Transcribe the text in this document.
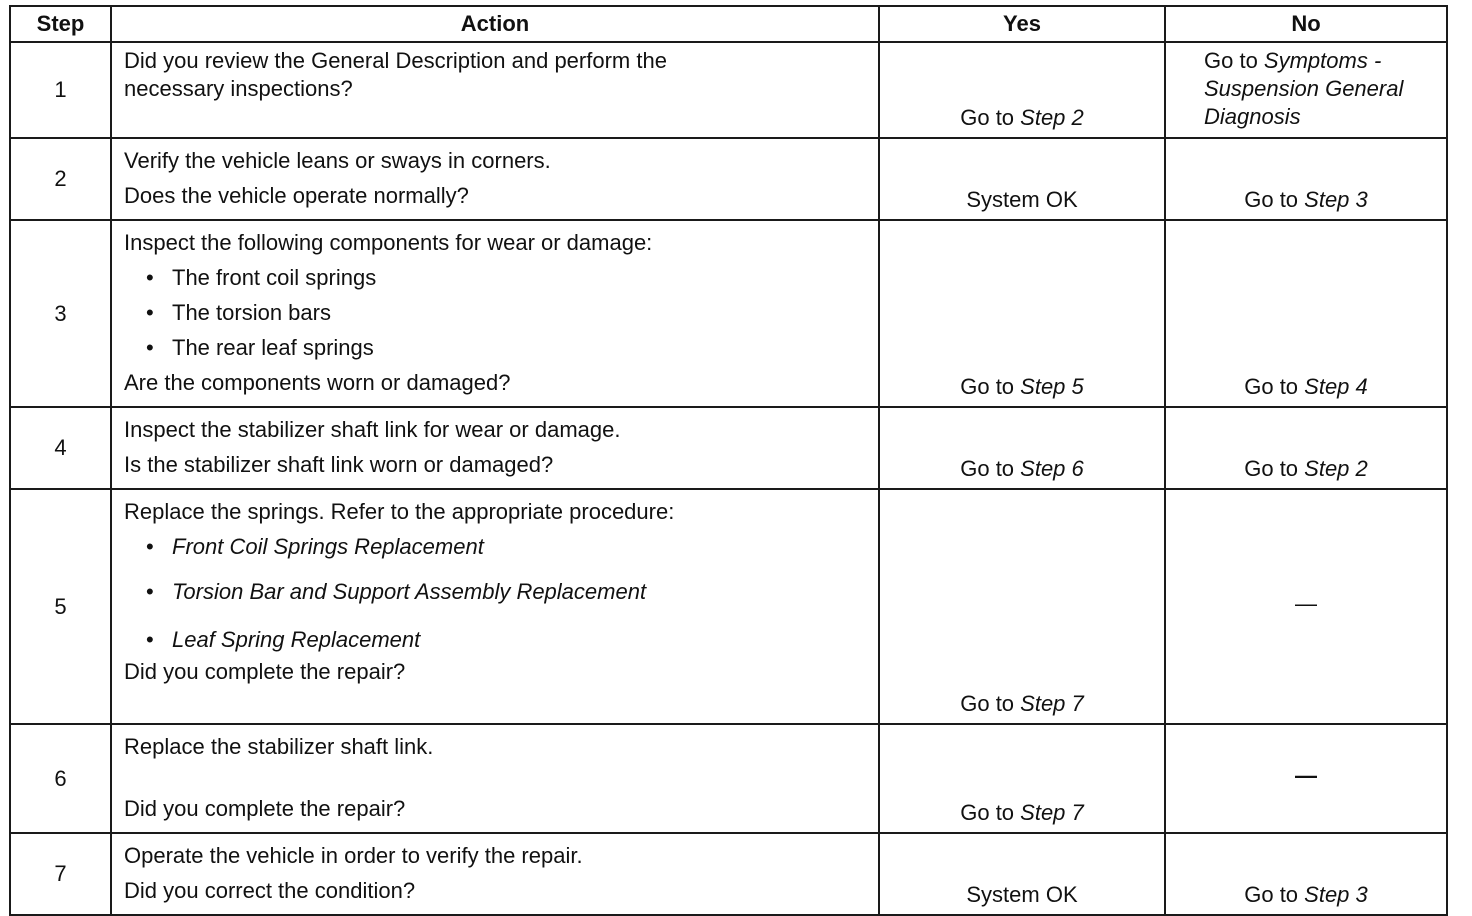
Step	Action	Yes	No
1	Did you review the General Description and perform the
necessary inspections?	Go to Step 2	Go to Symptoms - Suspension General Diagnosis

2	Verify the vehicle leans or sways in corners.
Does the vehicle operate normally?	System OK	Go to Step 3
3	Inspect the following components for wear or damage:
• The front coil springs
• The torsion bars
• The rear leaf springs
Are the components worn or damaged?	Go to Step 5	Go to Step 4
4	Inspect the stabilizer shaft link for wear or damage.
Is the stabilizer shaft link worn or damaged?	Go to Step 6	Go to Step 2
5	Replace the springs. Refer to the appropriate procedure:
• Front Coil Springs Replacement
• Torsion Bar and Support Assembly Replacement
• Leaf Spring Replacement
Did you complete the repair?	Go to Step 7	—
6	Replace the stabilizer shaft link.
Did you complete the repair?	Go to Step 7	—
7	Operate the vehicle in order to verify the repair.
Did you correct the condition?	System OK	Go to Step 3
